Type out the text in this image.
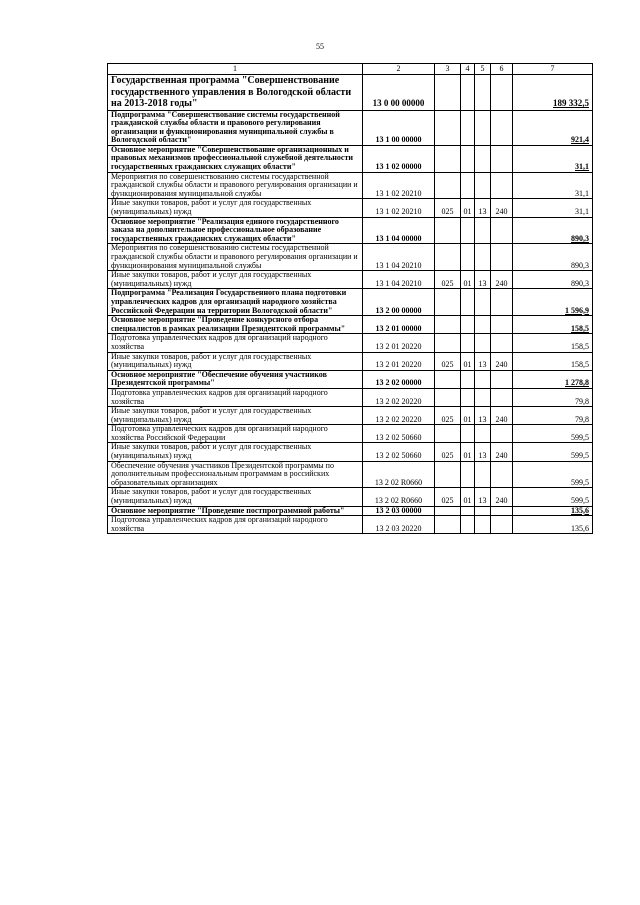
55
1	2	3	4	5	6	7
Государственная программа "Совершенствование государственного управления в Вологодской области на 2013-2018 годы"	13 0 00 00000					189 332,5
Подпрограмма "Совершенствование системы государственной гражданской службы области и правового регулирования организации и функционирования муниципальной службы в Вологодской области"	13 1 00 00000					921,4
Основное мероприятие "Совершенствование организационных и правовых механизмов профессиональной служебной деятельности государственных гражданских служащих области"	13 1 02 00000					31,1
Мероприятия по совершенствованию системы государственной гражданской службы области и правового регулирования организации и функционирования муниципальной службы	13 1 02 20210					31,1
Иные закупки товаров, работ и услуг для государственных (муниципальных) нужд	13 1 02 20210	025	01	13	240	31,1
Основное мероприятие "Реализация единого государственного заказа на дополнительное профессиональное образование государственных гражданских служащих области"	13 1 04 00000					890,3
Мероприятия по совершенствованию системы государственной гражданской службы области и правового регулирования организации и функционирования муниципальной службы	13 1 04 20210					890,3
Иные закупки товаров, работ и услуг для государственных (муниципальных) нужд	13 1 04 20210	025	01	13	240	890,3
Подпрограмма "Реализация Государственного плана подготовки управленческих кадров для организаций народного хозяйства Российской Федерации на территории Вологодской области"	13 2 00 00000					1 596,9
Основное мероприятие "Проведение конкурсного отбора специалистов в рамках реализации Президентской программы"	13 2 01 00000					158,5
Подготовка управленческих кадров для организаций народного хозяйства	13 2 01 20220					158,5
Иные закупки товаров, работ и услуг для государственных (муниципальных) нужд	13 2 01 20220	025	01	13	240	158,5
Основное мероприятие "Обеспечение обучения участников Президентской программы"	13 2 02 00000					1 278,8
Подготовка управленческих кадров для организаций народного хозяйства	13 2 02 20220					79,8
Иные закупки товаров, работ и услуг для государственных (муниципальных) нужд	13 2 02 20220	025	01	13	240	79,8
Подготовка управленческих кадров для организаций народного хозяйства Российской Федерации	13 2 02 50660					599,5
Иные закупки товаров, работ и услуг для государственных (муниципальных) нужд	13 2 02 50660	025	01	13	240	599,5
Обеспечение обучения участников Президентской программы по дополнительным профессиональным программам в российских образовательных организациях	13 2 02 R0660					599,5
Иные закупки товаров, работ и услуг для государственных (муниципальных) нужд	13 2 02 R0660	025	01	13	240	599,5
Основное мероприятие "Проведение постпрограммной работы"	13 2 03 00000					135,6
Подготовка управленческих кадров для организаций народного хозяйства	13 2 03 20220					135,6
